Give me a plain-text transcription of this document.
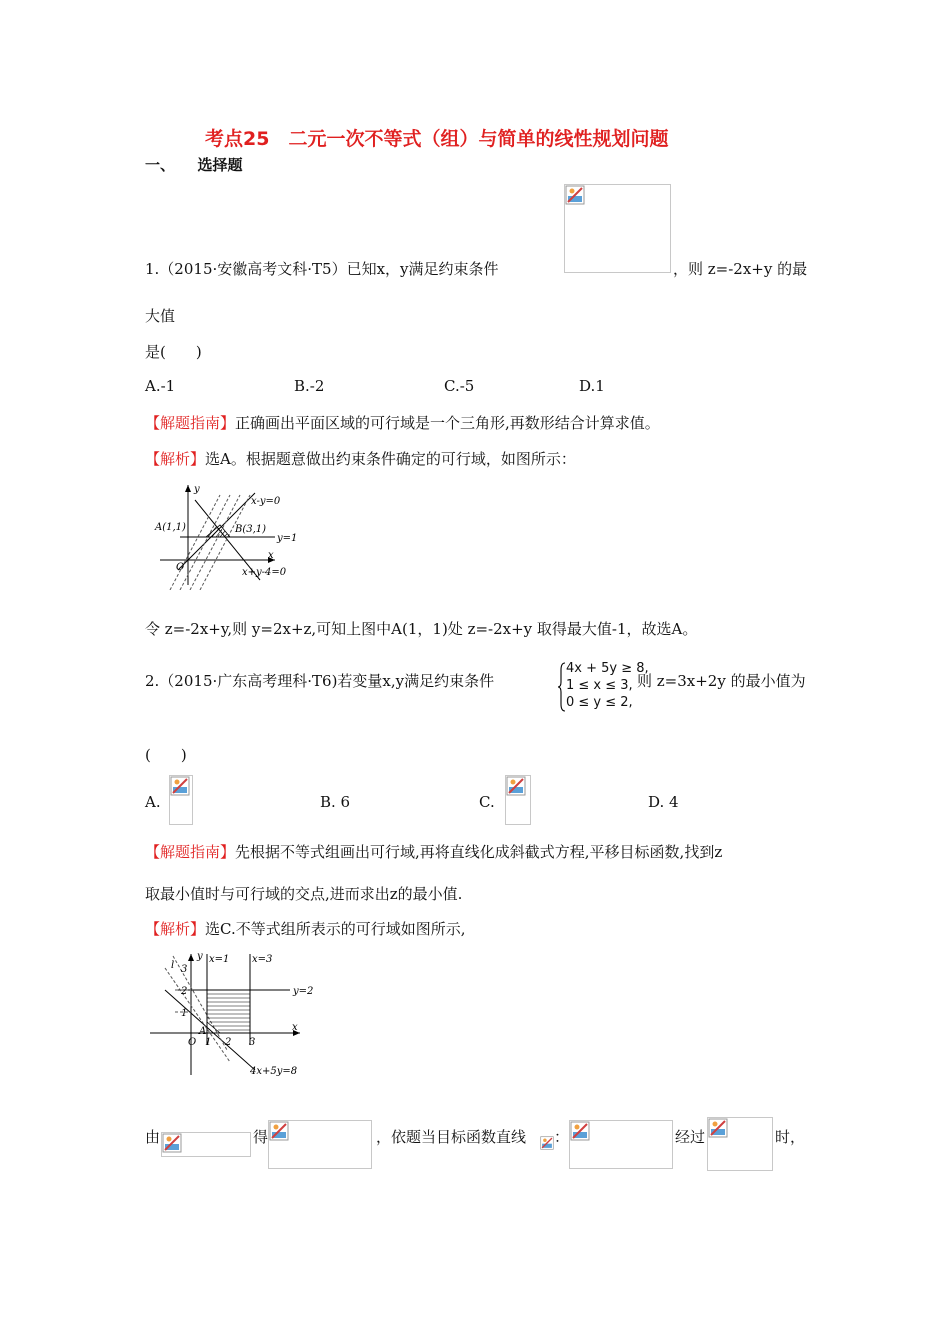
考点25　二元一次不等式（组）与简单的线性规划问题
一、　　选择题
1.（2015·安徽高考文科·T5）已知x，y满足约束条件	，则 z=-2x+y 的最
大值
是(　　)
A.-1	B.-2	C.-5	D.1
【解题指南】正确画出平面区域的可行域是一个三角形,再数形结合计算求值。
【解析】选A。根据题意做出约束条件确定的可行域，如图所示：
y
x
O
x-y=0
A(1,1)	B(3,1)
y=1
x+y-4=0
令 z=-2x+y,则 y=2x+z,可知上图中A(1，1)处 z=-2x+y 取得最大值-1，故选A。
2.（2015·广东高考理科·T6)若变量x,y满足约束条件
4x + 5y ≥ 8,
1 ≤ x ≤ 3,
0 ≤ y ≤ 2,
则 z=3x+2y 的最小值为
(　　)
A.	B. 6	C.	D. 4
【解题指南】先根据不等式组画出可行域,再将直线化成斜截式方程,平移目标函数,找到z
取最小值时与可行域的交点,进而求出z的最小值.
【解析】选C.不等式组所表示的可行域如图所示,
y
l
x=1 x=3
y=2
3
2
1
A
O 1 2 3
x
4x+5y=8
由	得	，依题当目标函数直线 ：	经过	时，
